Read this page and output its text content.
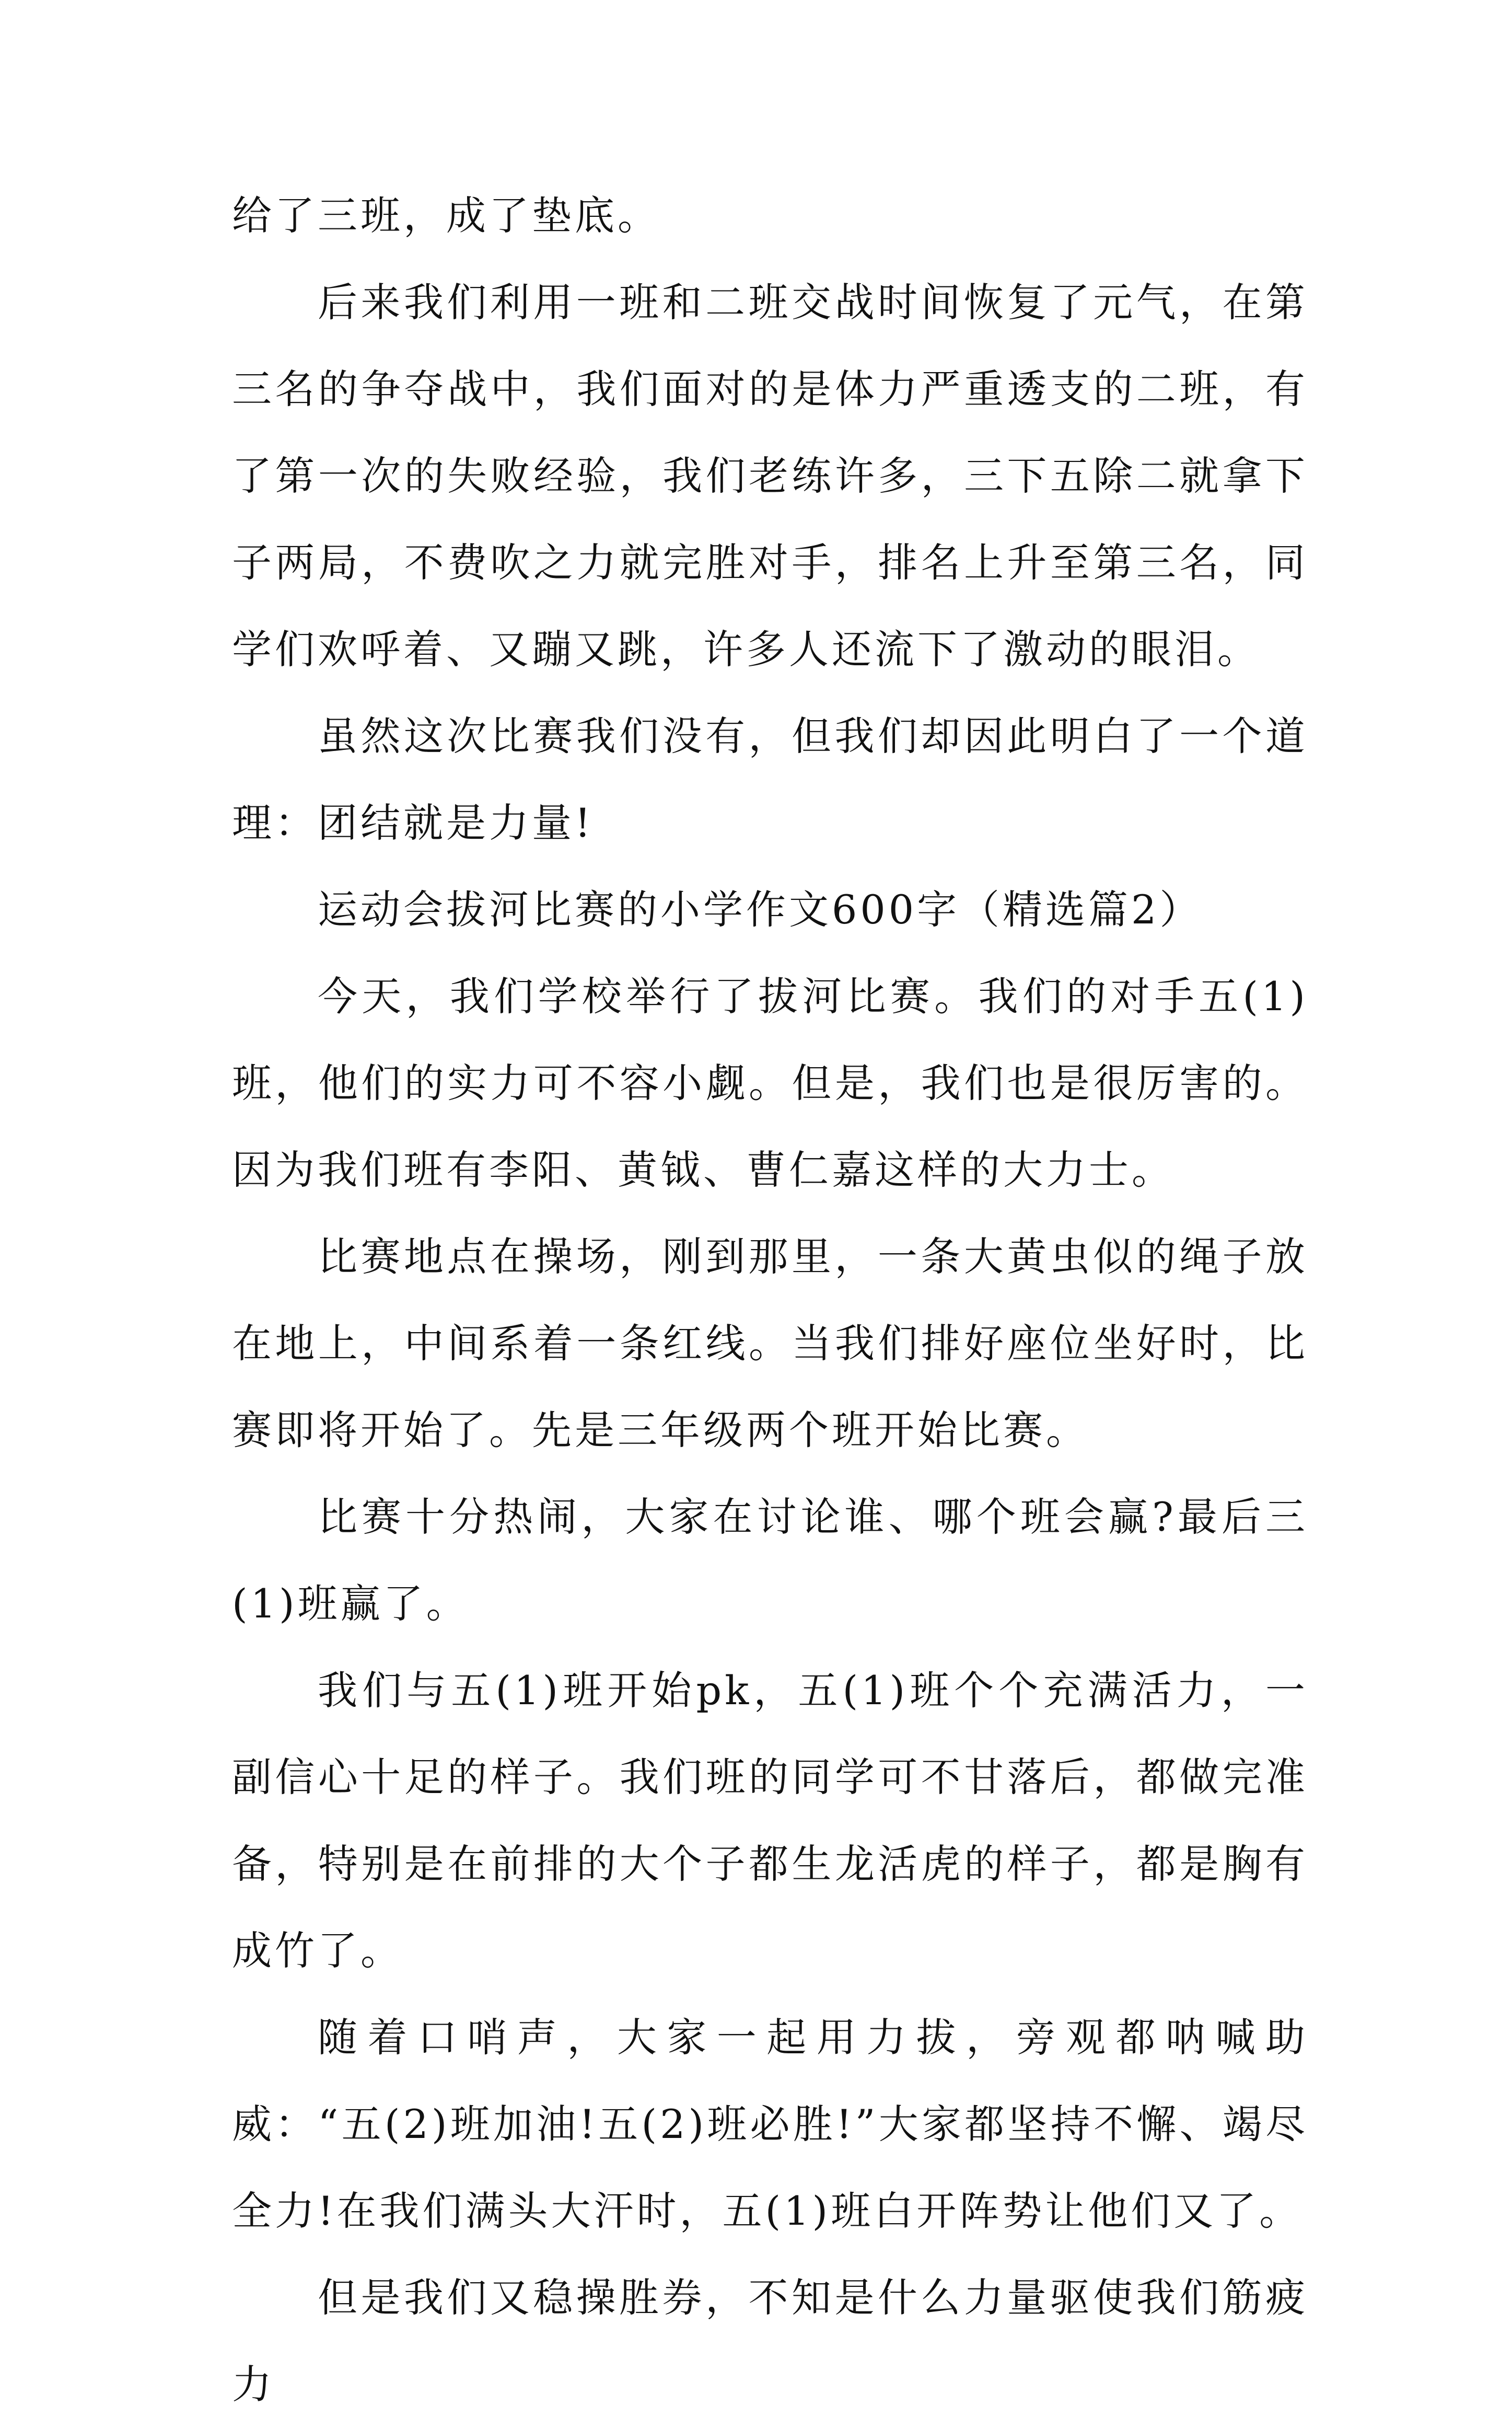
给了三班，成了垫底。

后来我们利用一班和二班交战时间恢复了元气，在第三名的争夺战中，我们面对的是体力严重透支的二班，有了第一次的失败经验，我们老练许多，三下五除二就拿下子两局，不费吹之力就完胜对手，排名上升至第三名，同学们欢呼着、又蹦又跳，许多人还流下了激动的眼泪。

虽然这次比赛我们没有，但我们却因此明白了一个道理：团结就是力量!

运动会拔河比赛的小学作文600字（精选篇2）

今天，我们学校举行了拔河比赛。我们的对手五(1)班，他们的实力可不容小觑。但是，我们也是很厉害的。因为我们班有李阳、黄钺、曹仁嘉这样的大力士。

比赛地点在操场，刚到那里，一条大黄虫似的绳子放在地上，中间系着一条红线。当我们排好座位坐好时，比赛即将开始了。先是三年级两个班开始比赛。

比赛十分热闹，大家在讨论谁、哪个班会赢?最后三(1)班赢了。

我们与五(1)班开始pk，五(1)班个个充满活力，一副信心十足的样子。我们班的同学可不甘落后，都做完准备，特别是在前排的大个子都生龙活虎的样子，都是胸有成竹了。

随着口哨声，大家一起用力拔，旁观都呐喊助威：“五(2)班加油!五(2)班必胜!”大家都坚持不懈、竭尽全力!在我们满头大汗时，五(1)班白开阵势让他们又了。

但是我们又稳操胜券，不知是什么力量驱使我们筋疲力
